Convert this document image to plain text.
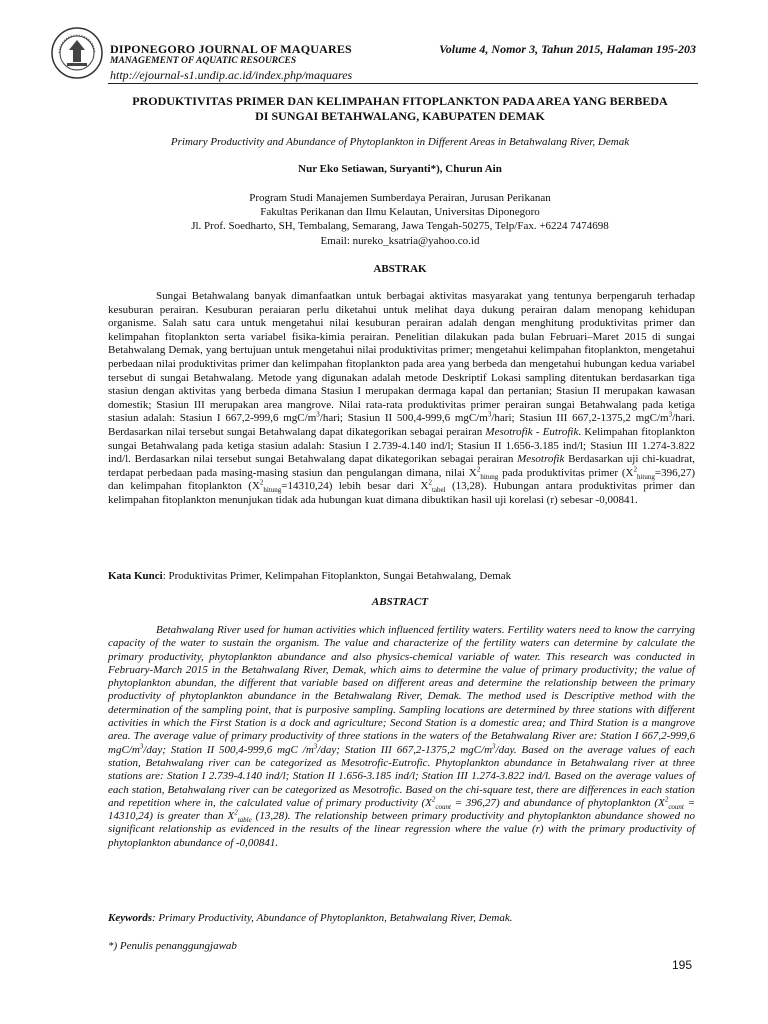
DIPONEGORO JOURNAL OF MAQUARES	Volume 4, Nomor 3, Tahun 2015, Halaman 195-203
MANAGEMENT OF AQUATIC RESOURCES
http://ejournal-s1.undip.ac.id/index.php/maquares
PRODUKTIVITAS PRIMER DAN KELIMPAHAN FITOPLANKTON PADA AREA YANG BERBEDA
DI SUNGAI BETAHWALANG, KABUPATEN DEMAK
Primary Productivity and Abundance of Phytoplankton in Different Areas in Betahwalang River, Demak
Nur Eko Setiawan, Suryanti*), Churun Ain
Program Studi Manajemen Sumberdaya Perairan, Jurusan Perikanan
Fakultas Perikanan dan Ilmu Kelautan, Universitas Diponegoro
Jl. Prof. Soedharto, SH, Tembalang, Semarang, Jawa Tengah-50275, Telp/Fax. +6224 7474698
Email: nureko_ksatria@yahoo.co.id
ABSTRAK

Sungai Betahwalang banyak dimanfaatkan untuk berbagai aktivitas masyarakat yang tentunya berpengaruh terhadap kesuburan perairan. Kesuburan peraiaran perlu diketahui untuk melihat daya dukung perairan dalam menopang kehidupan organisme. Salah satu cara untuk mengetahui nilai kesuburan perairan adalah dengan menghitung produktivitas primer dan kelimpahan fitoplankton serta variabel fisika-kimia perairan. Penelitian dilakukan pada bulan Februari–Maret 2015 di sungai Betahwalang Demak, yang bertujuan untuk mengetahui nilai produktivitas primer; mengetahui kelimpahan fitoplankton, mengetahui perbedaan nilai produktivitas primer dan kelimpahan fitoplankton pada area yang berbeda dan mengetahui hubungan kedua variabel tersebut di sungai Betahwalang. Metode yang digunakan adalah metode Deskriptif Lokasi sampling ditentukan berdasarkan tiga stasiun dengan aktivitas yang berbeda dimana Stasiun I merupakan dermaga kapal dan pertanian; Stasiun II merupakan kawasan domestik; Stasiun III merupakan area mangrove. Nilai rata-rata produktivitas primer perairan sungai Betahwalang pada ketiga stasiun adalah: Stasiun I 667,2-999,6 mgC/$m^3$/hari; Stasiun II 500,4-999,6 mgC/$m^3$/hari; Stasiun III 667,2-1375,2 mgC/$m^3$/hari. Berdasarkan nilai tersebut sungai Betahwalang dapat dikategorikan sebagai perairan Mesotrofik - Eutrofik. Kelimpahan fitoplankton sungai Betahwalang pada ketiga stasiun adalah: Stasiun I 2.739-4.140 ind/l; Stasiun II 1.656-3.185 ind/l; Stasiun III 1.274-3.822 ind/l. Berdasarkan nilai tersebut sungai Betahwalang dapat dikategorikan sebagai perairan Mesotrofik Berdasarkan uji chi-kuadrat, terdapat perbedaan pada masing-masing stasiun dan pengulangan dimana, nilai $X^2_{hitung}$ pada produktivitas primer $(X^2_{hitung}=396,27)$ dan kelimpahan fitoplankton $(X^2_{hitung}=14310,24)$ lebih besar dari $X^2_{tabel}$ (13,28). Hubungan antara produktivitas primer dan kelimpahan fitoplankton menunjukan tidak ada hubungan kuat dimana dibuktikan hasil uji korelasi (r) sebesar -0,00841.

Kata Kunci: Produktivitas Primer, Kelimpahan Fitoplankton, Sungai Betahwalang, Demak
ABSTRACT

Betahwalang River used for human activities which influenced fertility waters. Fertility waters need to know the carrying capacity of the water to sustain the organism. The value and characterize of the fertility waters can determine by calculate the primary productivity, phytoplankton abundance and also physics-chemical variable of water. This research was conducted in February-March 2015 in the Betahwalang River, Demak, which aims to determine the value of primary productivity; the value of phytoplankton abundan, the different that variable based on different areas and determine the relationship between the primary productivity of phytoplankton abundance in the Betahwalang River, Demak. The method used is Descriptive method with the determination of the sampling point, that is purposive sampling. Sampling locations are determined by three stations with different activities in which the First Station is a dock and agriculture; Second Station is a domestic area; and Third Station is a mangrove area. The average value of primary productivity of three stations in the waters of the Betahwalang River are: Station I 667,2-999,6 mgC/$m^3$/day; Station II 500,4-999,6 mgC $/m^3$/day; Station III 667,2-1375,2 mgC/$m^3$/day. Based on the average values of each station, Betahwalang river can be categorized as Mesotrofic-Eutrofic. Phytoplankton abundance in Betahwalang river at three stations are: Station I 2.739-4.140 ind/l; Station II 1.656-3.185 ind/l; Station III 1.274-3.822 ind/l. Based on the average values of each station, Betahwalang river can be categorized as Mesotrofic. Based on the chi-square test, there are differences in each station and repetition where in, the calculated value of primary productivity $(X^2_{count} = 396,27)$ and abundance of phytoplankton $(X^2_{count} = 14310,24)$ is greater than $X^2_{table}$ (13,28). The relationship between primary productivity and phytoplankton abundance showed no significant relationship as evidenced in the results of the linear regression where the value (r) with the primary productivity of phytoplankton abundance of -0,00841.

Keywords: Primary Productivity, Abundance of Phytoplankton, Betahwalang River, Demak.
*) Penulis penanggungjawab
195
